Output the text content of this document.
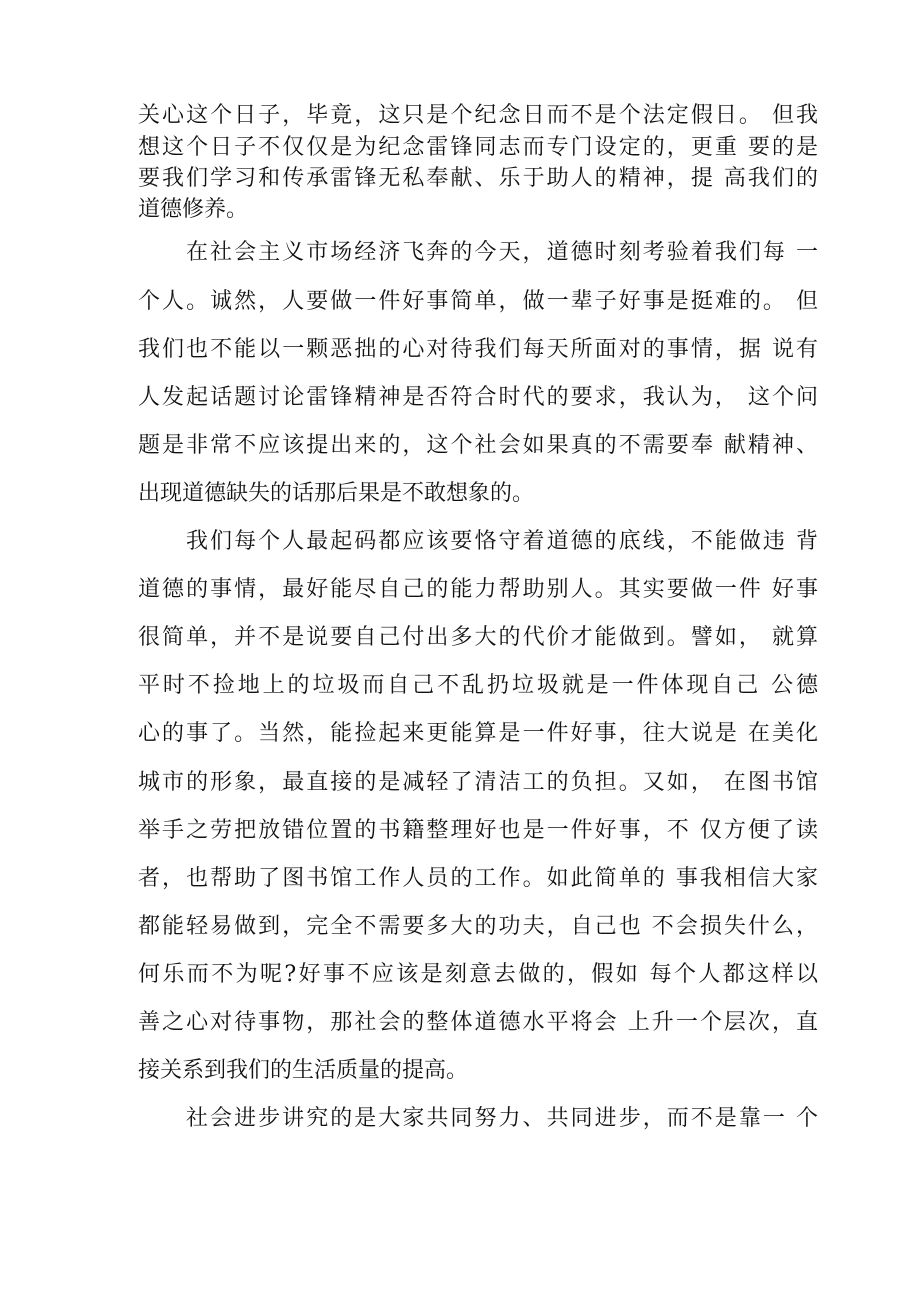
关心这个日子，毕竟，这只是个纪念日而不是个法定假日。 但我
想这个日子不仅仅是为纪念雷锋同志而专门设定的，更重 要的是
要我们学习和传承雷锋无私奉献、乐于助人的精神，提 高我们的
道德修养。
在社会主义市场经济飞奔的今天，道德时刻考验着我们每 一
个人。诚然，人要做一件好事简单，做一辈子好事是挺难的。 但
我们也不能以一颗恶拙的心对待我们每天所面对的事情，据 说有
人发起话题讨论雷锋精神是否符合时代的要求，我认为， 这个问
题是非常不应该提出来的，这个社会如果真的不需要奉 献精神、
出现道德缺失的话那后果是不敢想象的。
我们每个人最起码都应该要恪守着道德的底线，不能做违 背
道德的事情，最好能尽自己的能力帮助别人。其实要做一件 好事
很简单，并不是说要自己付出多大的代价才能做到。譬如， 就算
平时不捡地上的垃圾而自己不乱扔垃圾就是一件体现自己 公德
心的事了。当然，能捡起来更能算是一件好事，往大说是 在美化
城市的形象，最直接的是减轻了清洁工的负担。又如， 在图书馆
举手之劳把放错位置的书籍整理好也是一件好事，不 仅方便了读
者，也帮助了图书馆工作人员的工作。如此简单的 事我相信大家
都能轻易做到，完全不需要多大的功夫，自己也 不会损失什么，
何乐而不为呢?好事不应该是刻意去做的，假如 每个人都这样以
善之心对待事物，那社会的整体道德水平将会 上升一个层次，直
接关系到我们的生活质量的提高。
社会进步讲究的是大家共同努力、共同进步，而不是靠一 个
